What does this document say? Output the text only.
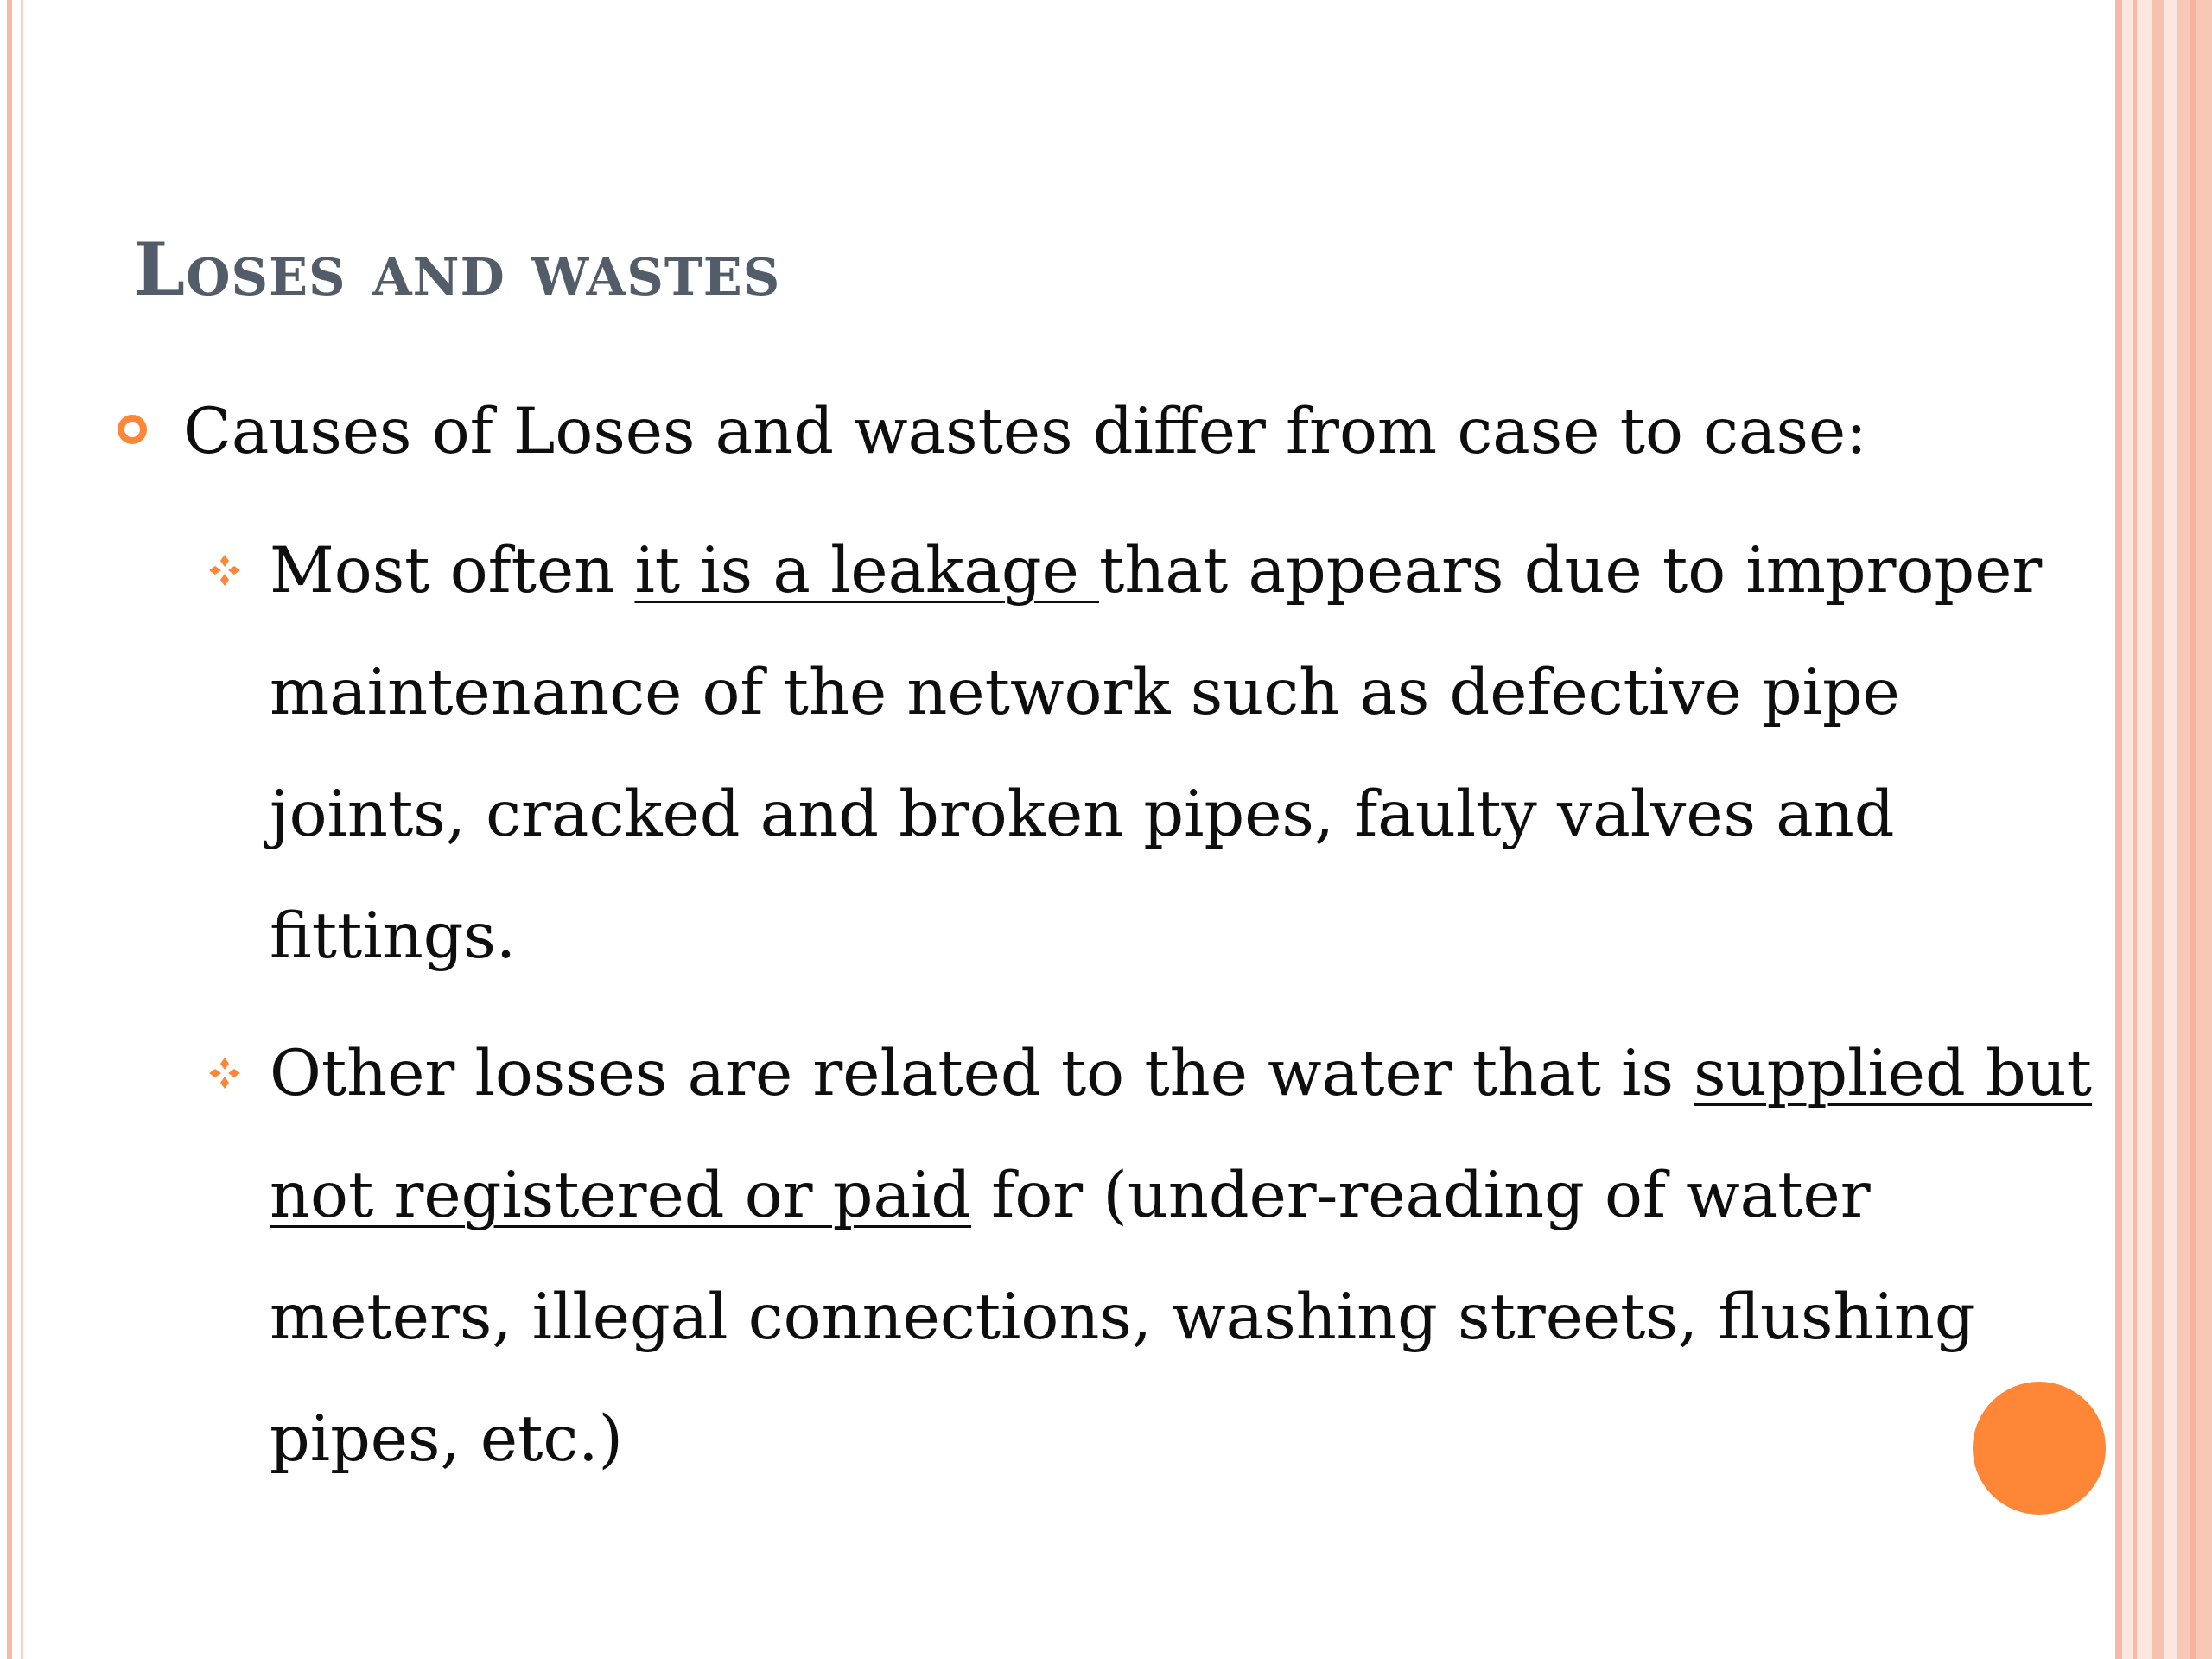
Loses and wastes
Causes of Loses and wastes differ from case to case:
Most often it is a leakage that appears due to improper
maintenance of the network such as defective pipe
joints, cracked and broken pipes, faulty valves and
fittings.
Other losses are related to the water that is supplied but
not registered or paid for (under-reading of water
meters, illegal connections, washing streets, flushing
pipes, etc.)
